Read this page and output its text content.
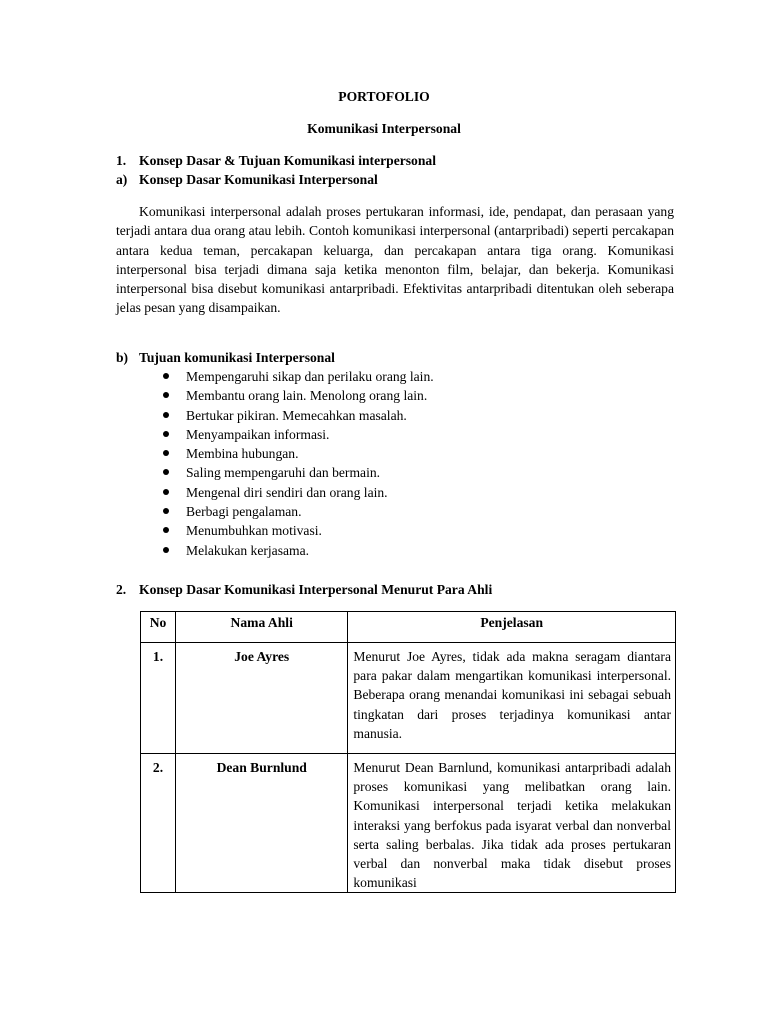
PORTOFOLIO
Komunikasi Interpersonal
1. Konsep Dasar & Tujuan Komunikasi interpersonal
a) Konsep Dasar Komunikasi Interpersonal

Komunikasi interpersonal adalah proses pertukaran informasi, ide, pendapat, dan perasaan yang terjadi antara dua orang atau lebih. Contoh komunikasi interpersonal (antarpribadi) seperti percakapan antara kedua teman, percakapan keluarga, dan percakapan antara tiga orang. Komunikasi interpersonal bisa terjadi dimana saja ketika menonton film, belajar, dan bekerja. Komunikasi interpersonal bisa disebut komunikasi antarpribadi. Efektivitas antarpribadi ditentukan oleh seberapa jelas pesan yang disampaikan.

b) Tujuan komunikasi Interpersonal
Mempengaruhi sikap dan perilaku orang lain.
Membantu orang lain. Menolong orang lain.
Bertukar pikiran. Memecahkan masalah.
Menyampaikan informasi.
Membina hubungan.
Saling mempengaruhi dan bermain.
Mengenal diri sendiri dan orang lain.
Berbagi pengalaman.
Menumbuhkan motivasi.
Melakukan kerjasama.
2. Konsep Dasar Komunikasi Interpersonal Menurut Para Ahli
No	Nama Ahli	Penjelasan
1.	Joe Ayres	Menurut Joe Ayres, tidak ada makna seragam diantara para pakar dalam mengartikan komunikasi interpersonal. Beberapa orang menandai komunikasi ini sebagai sebuah tingkatan dari proses terjadinya komunikasi antar manusia.
2.	Dean Burnlund	Menurut Dean Barnlund, komunikasi antarpribadi adalah proses komunikasi yang melibatkan orang lain. Komunikasi interpersonal terjadi ketika melakukan interaksi yang berfokus pada isyarat verbal dan nonverbal serta saling berbalas. Jika tidak ada proses pertukaran verbal dan nonverbal maka tidak disebut proses komunikasi
